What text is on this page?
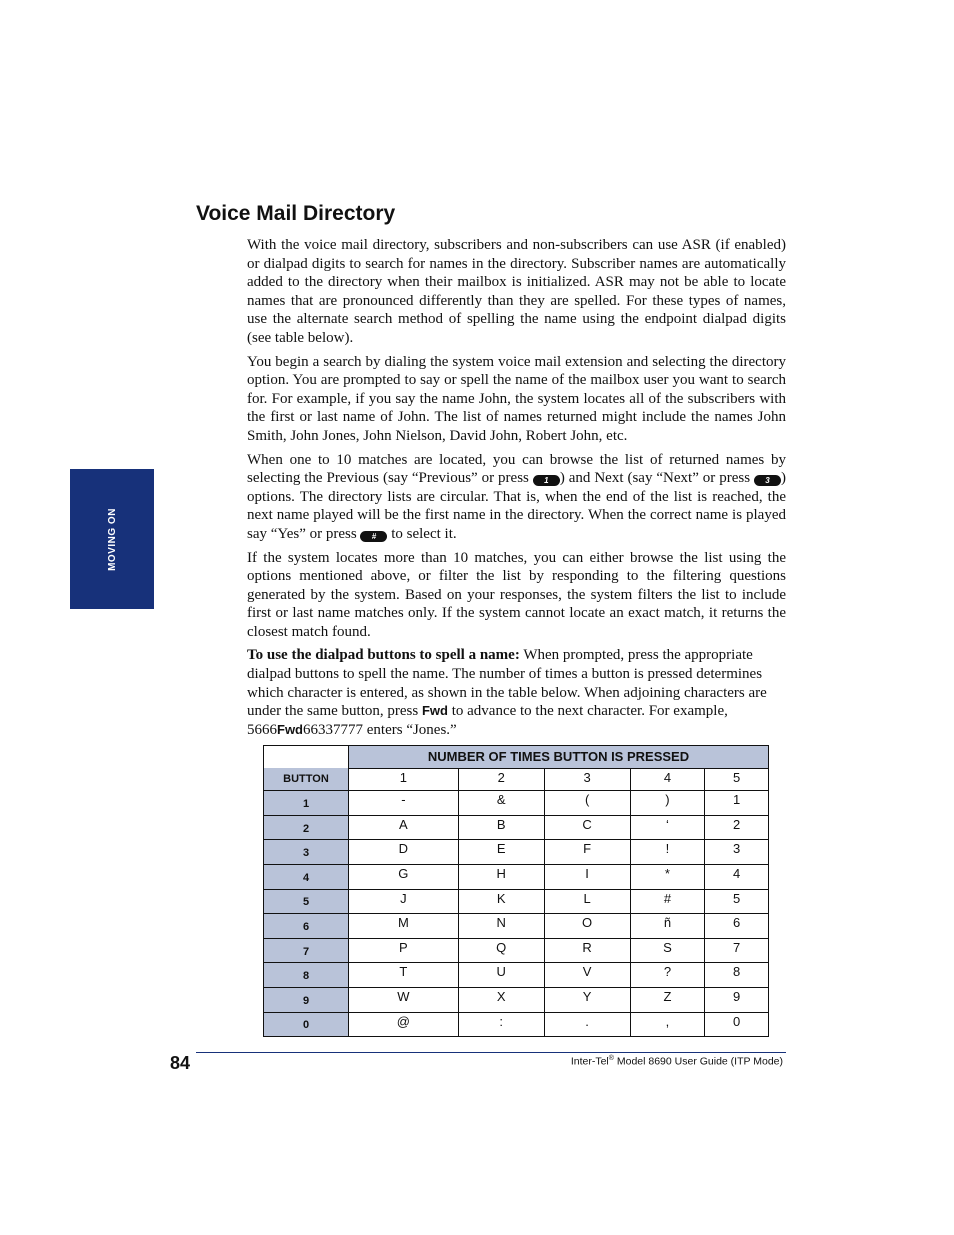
MOVING ON
Voice Mail Directory

With the voice mail directory, subscribers and non-subscribers can use ASR (if enabled) or dialpad digits to search for names in the directory. Subscriber names are automatically added to the directory when their mailbox is initialized. ASR may not be able to locate names that are pronounced differently than they are spelled. For these types of names, use the alternate search method of spelling the name using the endpoint dialpad digits (see table below).

You begin a search by dialing the system voice mail extension and selecting the directory option. You are prompted to say or spell the name of the mailbox user you want to search for. For example, if you say the name John, the system locates all of the subscribers with the first or last name of John. The list of names returned might include the names John Smith, John Jones, John Nielson, David John, Robert John, etc.

When one to 10 matches are located, you can browse the list of returned names by selecting the Previous (say “Previous” or press 1 ) and Next (say “Next” or press 3 ) options. The directory lists are circular. That is, when the end of the list is reached, the next name played will be the first name in the directory. When the correct name is played say “Yes” or press # to select it.

If the system locates more than 10 matches, you can either browse the list using the options mentioned above, or filter the list by responding to the filtering questions generated by the system. Based on your responses, the system filters the list to include first or last name matches only. If the system cannot locate an exact match, it returns the closest match found.

To use the dialpad buttons to spell a name: When prompted, press the appropriate dialpad buttons to spell the name. The number of times a button is pressed determines which character is entered, as shown in the table below. When adjoining characters are under the same button, press Fwd to advance to the next character. For example, 5666Fwd66337777 enters “Jones.”

	NUMBER OF TIMES BUTTON IS PRESSED				
BUTTON	1	2	3	4	5
1	-	&	(	)	1
2	A	B	C	‘	2
3	D	E	F	!	3
4	G	H	I	*	4
5	J	K	L	#	5
6	M	N	O	ñ	6
7	P	Q	R	S	7
8	T	U	V	?	8
9	W	X	Y	Z	9
0	@	:	.	,	0
84	Inter-Tel® Model 8690 User Guide (ITP Mode)
